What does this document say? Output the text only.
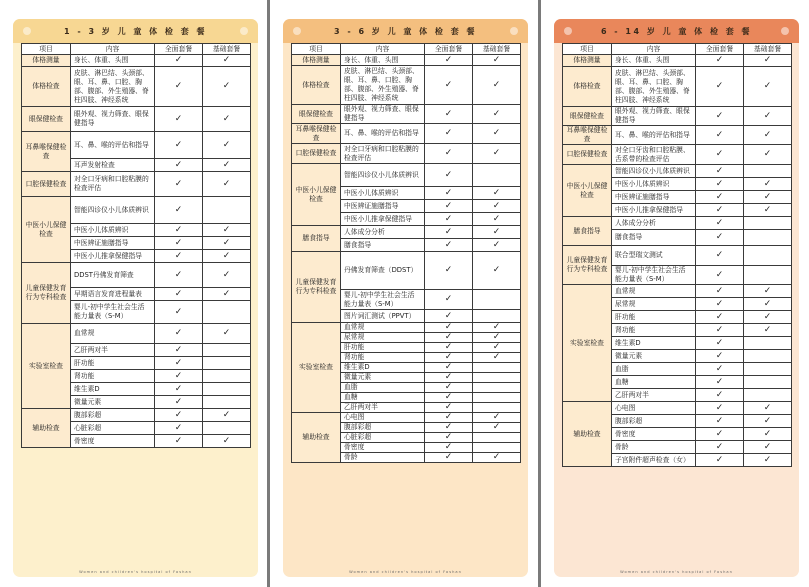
1 - 3 岁 儿 童 体 检 套 餐
项目	内容	全面套餐	基础套餐
体格测量	身长、体重、头围	✓	✓
体格检查	皮肤、淋巴结、头颈部、眼、耳、鼻、口腔、胸部、腹部、外生殖器、脊柱四肢、神经系统	✓	✓
眼保健检查	眼外观、视力筛查、眼保健指导	✓	✓
耳鼻喉保健检查	耳、鼻、喉的评估和指导	✓	✓
	耳声发射检查	✓	✓
口腔保健检查	对全口牙病和口腔粘膜的检查评估	✓	✓
中医小儿保健检查	智能四诊仪小儿体质辨识	✓	
	中医小儿体质辨识	✓	✓
	中医辨证施膳指导	✓	✓
	中医小儿推拿保健指导	✓	✓
儿童保健发育行为专科检查	DDST丹佛发育筛查	✓	✓
	早期语言发育进程量表	✓	✓
	婴儿-初中学生社会生活能力量表（S-M）	✓	
实验室检查	血常规	✓	✓
	乙肝两对半	✓	
	肝功能	✓	
	肾功能	✓	
	维生素D	✓	
	微量元素	✓	
辅助检查	腹部彩超	✓	✓
	心脏彩超	✓	
	骨密度	✓	✓
Women and children's hospital of Foshan
3 - 6 岁 儿 童 体 检 套 餐
项目	内容	全面套餐	基础套餐
体格测量	身长、体重、头围	✓	✓
体格检查	皮肤、淋巴结、头颈部、眼、耳、鼻、口腔、胸部、腹部、外生殖器、脊柱四肢、神经系统	✓	✓
眼保健检查	眼外观、视力筛查、眼保健指导	✓	✓
耳鼻喉保健检查	耳、鼻、喉的评估和指导	✓	✓
口腔保健检查	对全口牙病和口腔粘膜的检查评估	✓	✓
中医小儿保健检查	智能四诊仪小儿体质辨识	✓	
	中医小儿体质辨识	✓	✓
	中医辨证施膳指导	✓	✓
	中医小儿推拿保健指导	✓	✓
膳食指导	人体成分分析	✓	✓
	膳食指导	✓	✓
儿童保健发育行为专科检查	丹佛发育筛查（DDST）	✓	✓
	婴儿-初中学生社会生活能力量表（S-M）	✓	
	图片词汇测试（PPVT）	✓	
实验室检查	血常规	✓	✓
	尿常规	✓	✓
	肝功能	✓	✓
	肾功能	✓	✓
	维生素D	✓	
	微量元素	✓	
	血脂	✓	
	血糖	✓	
	乙肝两对半	✓	
辅助检查	心电图	✓	✓
	腹部彩超	✓	✓
	心脏彩超	✓	
	骨密度	✓	
	骨龄	✓	✓
Women and children's hospital of Foshan
6 - 14 岁 儿 童 体 检 套 餐
项目	内容	全面套餐	基础套餐
体格测量	身长、体重、头围	✓	✓
体格检查	皮肤、淋巴结、头颈部、眼、耳、鼻、口腔、胸部、腹部、外生殖器、脊柱四肢、神经系统	✓	✓
眼保健检查	眼外观、视力筛查、眼保健指导	✓	✓
耳鼻喉保健检查	耳、鼻、喉的评估和指导	✓	✓
口腔保健检查	对全口牙齿和口腔粘膜、舌系带的检查评估	✓	✓
中医小儿保健检查	智能四诊仪小儿体质辨识	✓	
	中医小儿体质辨识	✓	✓
	中医辨证施膳指导	✓	✓
	中医小儿推拿保健指导	✓	✓
膳食指导	人体成分分析	✓	
	膳食指导	✓	
儿童保健发育行为专科检查	联合型瑞文测试	✓	
	婴儿-初中学生社会生活能力量表（S-M）	✓	
实验室检查	血常规	✓	✓
	尿常规	✓	✓
	肝功能	✓	✓
	肾功能	✓	✓
	维生素D	✓	
	微量元素	✓	
	血脂	✓	
	血糖	✓	
	乙肝两对半	✓	
辅助检查	心电图	✓	✓
	腹部彩超	✓	✓
	骨密度	✓	✓
	骨龄	✓	✓
	子宫附件超声检查（女）	✓	✓
Women and children's hospital of Foshan
